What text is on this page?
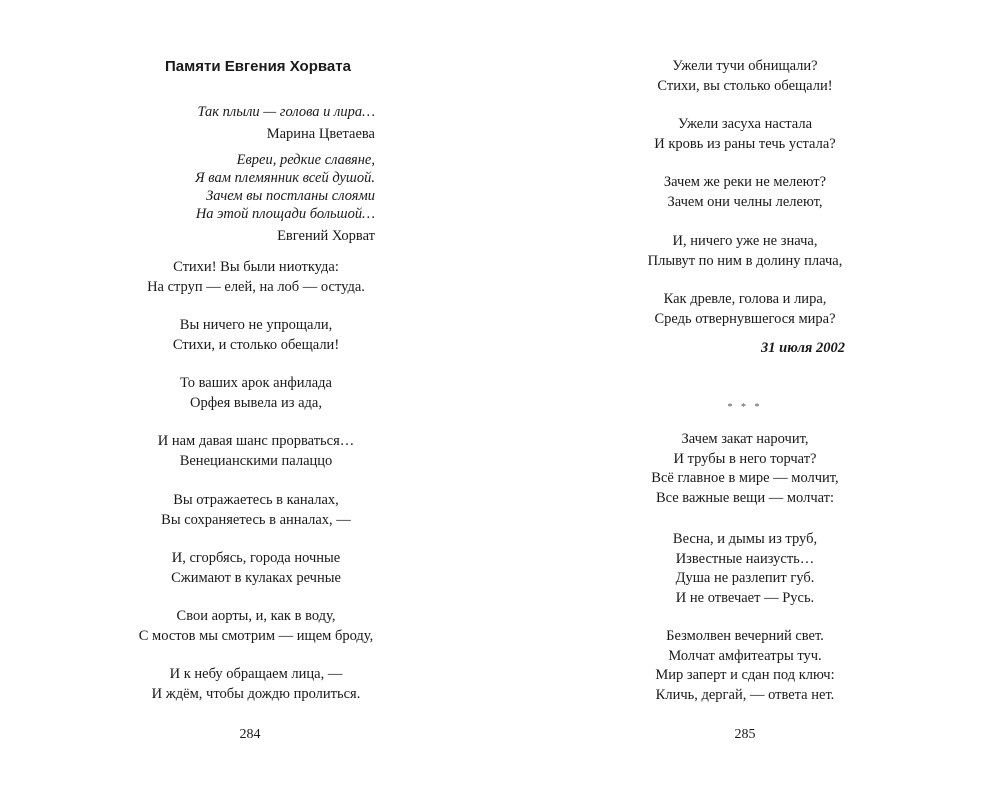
Памяти Евгения Хорвата
Так плыли — голова и лира…
Марина Цветаева
Евреи, редкие славяне,
Я вам племянник всей душой.
Зачем вы постланы слоями
На этой площади большой…
Евгений Хорват
Стихи! Вы были ниоткуда:
На струп — елей, на лоб — остуда.
Вы ничего не упрощали,
Стихи, и столько обещали!
То ваших арок анфилада
Орфея вывела из ада,
И нам давая шанс прорваться…
Венецианскими палаццо
Вы отражаетесь в каналах,
Вы сохраняетесь в анналах, —
И, сгорбясь, города ночные
Сжимают в кулаках речные
Свои аорты, и, как в воду,
С мостов мы смотрим — ищем броду,
И к небу обращаем лица, —
И ждём, чтобы дождю пролиться.
284
Ужели тучи обнищали?
Стихи, вы столько обещали!
Ужели засуха настала
И кровь из раны течь устала?
Зачем же реки не мелеют?
Зачем они челны лелеют,
И, ничего уже не знача,
Плывут по ним в долину плача,
Как древле, голова и лира,
Средь отвернувшегося мира?
Зачем закат нарочит,
И трубы в него торчат?
Всё главное в мире — молчит,
Все важные вещи — молчат:
Весна, и дымы из труб,
Известные наизусть…
Душа не разлепит губ.
И не отвечает — Русь.
Безмолвен вечерний свет.
Молчат амфитеатры туч.
Мир заперт и сдан под ключ:
Кличь, дергай, — ответа нет.
31 июля 2002
* * *
285
